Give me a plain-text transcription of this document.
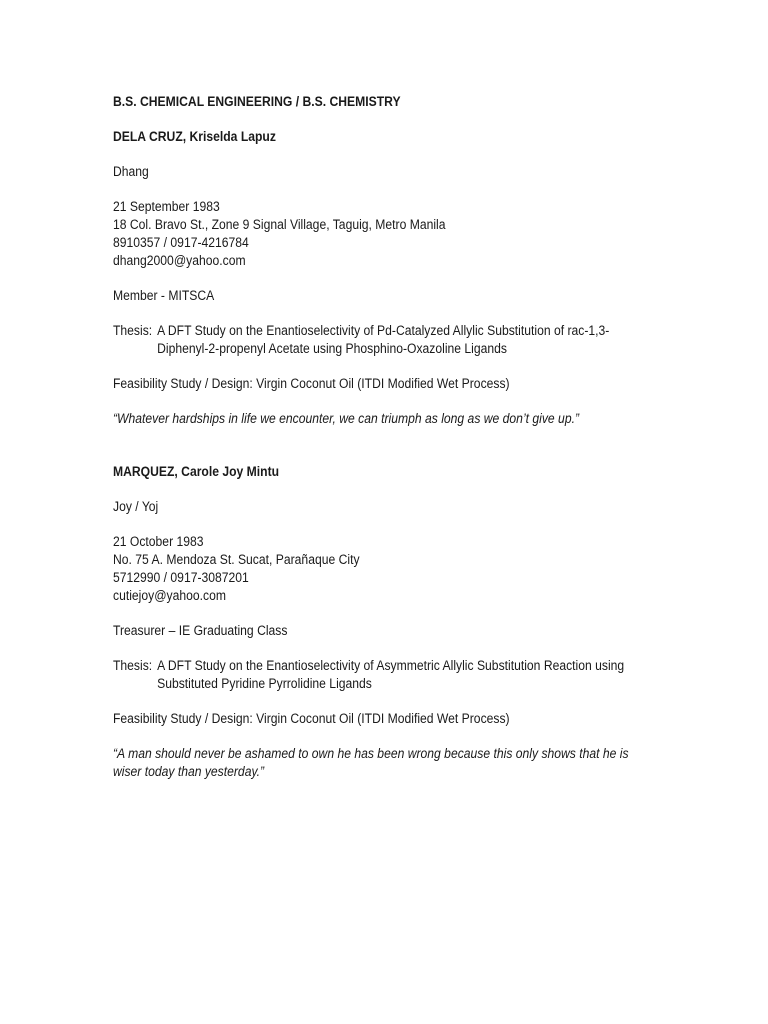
B.S. CHEMICAL ENGINEERING / B.S. CHEMISTRY
DELA CRUZ, Kriselda Lapuz
Dhang
21 September 1983
18 Col. Bravo St., Zone 9 Signal Village, Taguig, Metro Manila
8910357 / 0917-4216784
dhang2000@yahoo.com
Member - MITSCA
Thesis: A DFT Study on the Enantioselectivity of Pd-Catalyzed Allylic Substitution of rac-1,3-
Diphenyl-2-propenyl Acetate using Phosphino-Oxazoline Ligands
Feasibility Study / Design: Virgin Coconut Oil (ITDI Modified Wet Process)
“Whatever hardships in life we encounter, we can triumph as long as we don’t give up.”
MARQUEZ, Carole Joy Mintu
Joy / Yoj
21 October 1983
No. 75 A. Mendoza St. Sucat, Parañaque City
5712990 / 0917-3087201
cutiejoy@yahoo.com
Treasurer – IE Graduating Class
Thesis: A DFT Study on the Enantioselectivity of Asymmetric Allylic Substitution Reaction using
Substituted Pyridine Pyrrolidine Ligands
Feasibility Study / Design: Virgin Coconut Oil (ITDI Modified Wet Process)
“A man should never be ashamed to own he has been wrong because this only shows that he is
wiser today than yesterday.”
